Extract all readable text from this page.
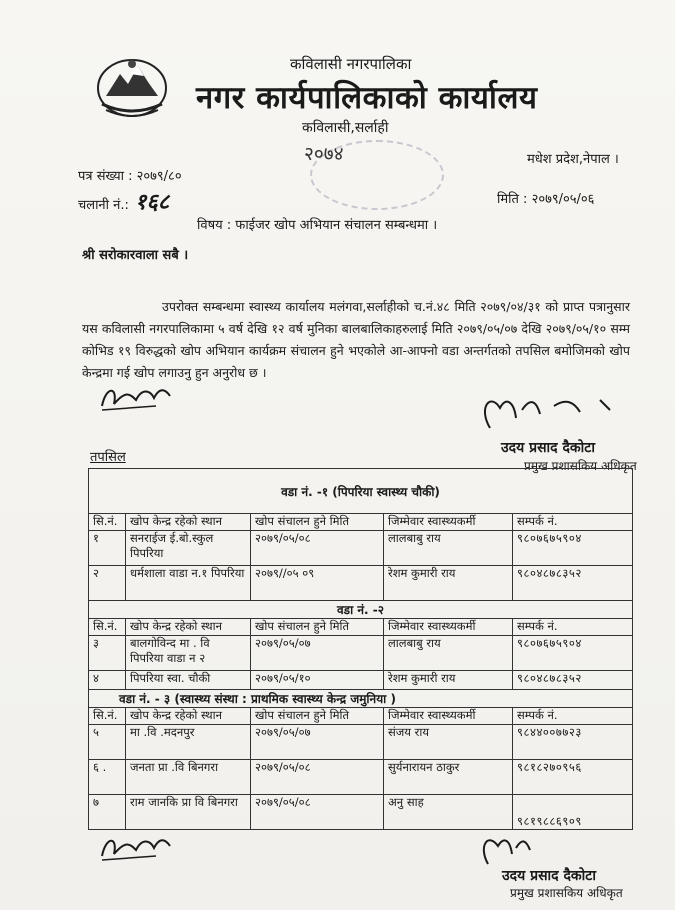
कविलासी नगरपालिका
नगर कार्यपालिकाको कार्यालय
कविलासी,सर्लाही
२०७४	मधेश प्रदेश,नेपाल ।
पत्र संख्या : २०७९/८०
चलानी नं.: १६८	मिति : २०७९/०५/०६
विषय : फाईजर खोप अभियान संचालन सम्बन्धमा ।
श्री सरोकारवाला सबै ।
उपरोक्त सम्बन्धमा स्वास्थ्य कार्यालय मलंगवा,सर्लाहीको च.नं.४८ मिति २०७९/०४/३१ को प्राप्त पत्रानुसार यस कविलासी नगरपालिकामा ५ वर्ष देखि १२ वर्ष मुनिका बालबालिकाहरुलाई मिति २०७९/०५/०७ देखि २०७९/०५/१० सम्म कोभिड १९ विरुद्धको खोप अभियान कार्यक्रम संचालन हुने भएकोले आ-आफ्नो वडा अन्तर्गतको तपसिल बमोजिमको खोप केन्द्रमा गई खोप लगाउनु हुन अनुरोध छ ।
उदय प्रसाद दैकोटा
प्रमुख प्रशासकिय अधिकृत
तपसिल
वडा नं. -१ (पिपरिया स्वास्थ्य चौकी)				
सि.नं.	खोप केन्द्र रहेको स्थान	खोप संचालन हुने मिति	जिम्मेवार स्वास्थ्यकर्मी	सम्पर्क नं.
१	सनराईज ई.बो.स्कुल पिपरिया	२०७९/०५/०८	लालबाबु राय	९८०७६७५९०४
२	धर्मशाला वाडा न.१ पिपरिया	२०७९//०५ ०९	रेशम कुमारी राय	९८०४८७८३५२
वडा नं. -२				
सि.नं.	खोप केन्द्र रहेको स्थान	खोप संचालन हुने मिति	जिम्मेवार स्वास्थ्यकर्मी	सम्पर्क नं.
३	बालगोविन्द मा . वि पिपरिया वाडा न २	२०७९/०५/०७	लालबाबु राय	९८०७६७५९०४
४	पिपरिया स्वा. चौकी	२०७९/०५/१०	रेशम कुमारी राय	९८०४८७८३५२
वडा नं. - ३ (स्वास्थ्य संस्था : प्राथमिक स्वास्थ्य केन्द्र जमुनिया )				
सि.नं.	खोप केन्द्र रहेको स्थान	खोप संचालन हुने मिति	जिम्मेवार स्वास्थ्यकर्मी	सम्पर्क नं.
५	मा .वि .मदनपुर	२०७९/०५/०७	संजय राय	९८४४००७७२३
६ .	जनता प्रा .वि बिनगरा	२०७९/०५/०८	सुर्यनारायन ठाकुर	९८१८२७०९५६
७	राम जानकि प्रा वि बिनगरा	२०७९/०५/०८	अनु साह	९८१९८८६९०९
उदय प्रसाद दैकोटा
प्रमुख प्रशासकिय अधिकृत
